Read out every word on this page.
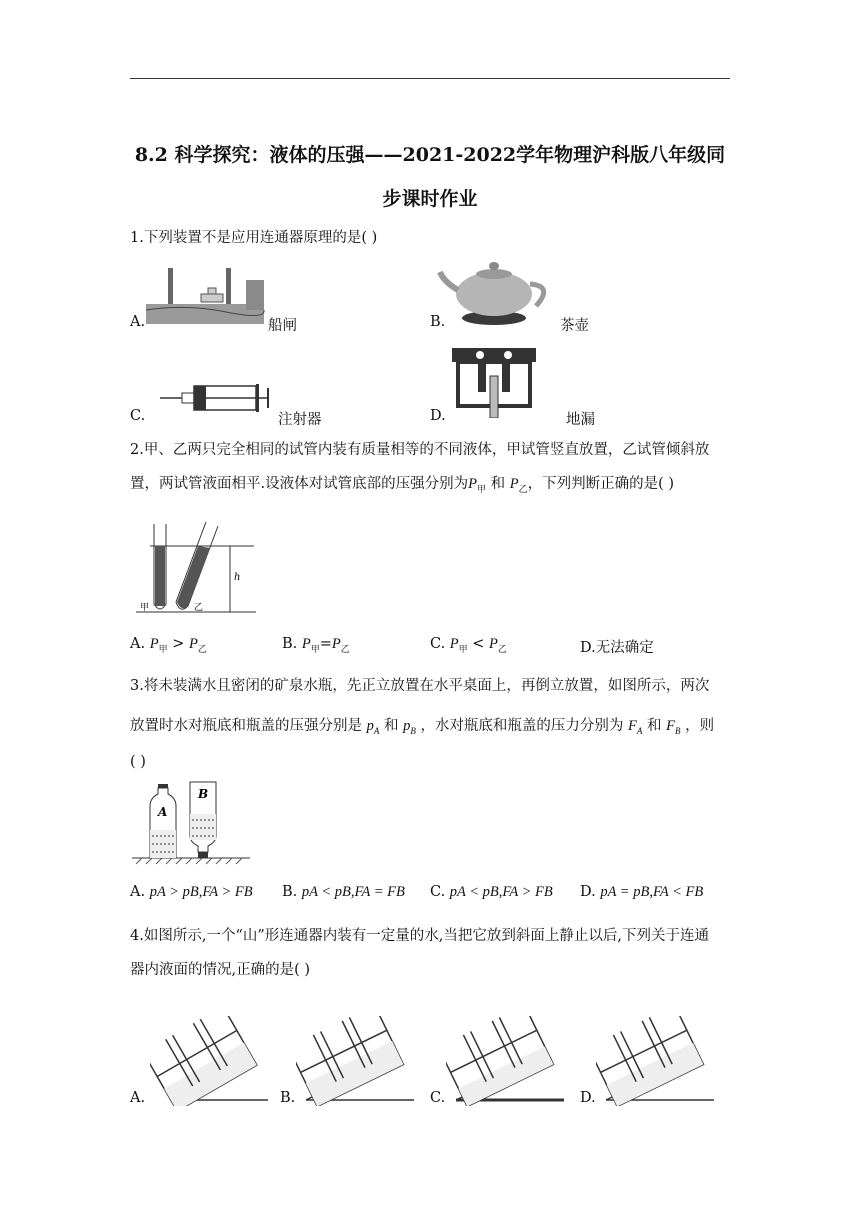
8.2 科学探究：液体的压强——2021-2022学年物理沪科版八年级同
步课时作业
1.下列装置不是应用连通器原理的是( )
A.	船闸	B.	茶壶
C.	注射器	D.	地漏
2.甲、乙两只完全相同的试管内装有质量相等的不同液体，甲试管竖直放置，乙试管倾斜放
置，两试管液面相平.设液体对试管底部的压强分别为$P_甲$ 和 $P_乙$，下列判断正确的是( )
h
甲	乙
A. $P_甲 > P_乙$	B. $P_甲=P_乙$	C. $P_甲 < P_乙$	D.无法确定
3.将未装满水且密闭的矿泉水瓶，先正立放置在水平桌面上，再倒立放置，如图所示，两次
放置时水对瓶底和瓶盖的压强分别是 $p_A$ 和 $p_B$ ，水对瓶底和瓶盖的压力分别为 $F_A$ 和 $F_B$ ，则
( )
A
B
A. pA > pB,FA > FB B. pA < pB,FA = FB C. pA < pB,FA > FB D. pA = pB,FA < FB
4.如图所示,一个“山”形连通器内装有一定量的水,当把它放到斜面上静止以后,下列关于连通
器内液面的情况,正确的是( )
A.	B.	C.	D.
